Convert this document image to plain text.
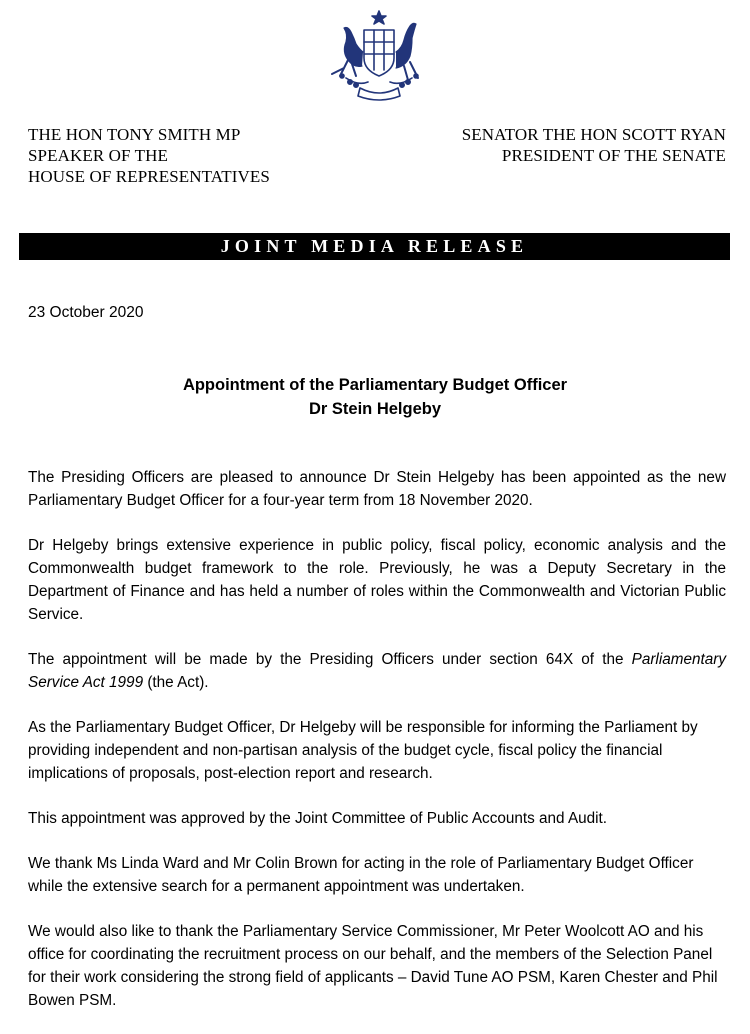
THE HON TONY SMITH MP
SPEAKER OF THE
HOUSE OF REPRESENTATIVES
SENATOR THE HON SCOTT RYAN
PRESIDENT OF THE SENATE
JOINT MEDIA RELEASE
23 October 2020
Appointment of the Parliamentary Budget Officer
Dr Stein Helgeby

The Presiding Officers are pleased to announce Dr Stein Helgeby has been appointed as the new Parliamentary Budget Officer for a four-year term from 18 November 2020.

Dr Helgeby brings extensive experience in public policy, fiscal policy, economic analysis and the Commonwealth budget framework to the role. Previously, he was a Deputy Secretary in the Department of Finance and has held a number of roles within the Commonwealth and Victorian Public Service.

The appointment will be made by the Presiding Officers under section 64X of the Parliamentary Service Act 1999 (the Act).

As the Parliamentary Budget Officer, Dr Helgeby will be responsible for informing the Parliament by providing independent and non-partisan analysis of the budget cycle, fiscal policy the financial implications of proposals, post-election report and research.

This appointment was approved by the Joint Committee of Public Accounts and Audit.

We thank Ms Linda Ward and Mr Colin Brown for acting in the role of Parliamentary Budget Officer while the extensive search for a permanent appointment was undertaken.

We would also like to thank the Parliamentary Service Commissioner, Mr Peter Woolcott AO and his office for coordinating the recruitment process on our behalf, and the members of the Selection Panel for their work considering the strong field of applicants – David Tune AO PSM, Karen Chester and Phil Bowen PSM.
